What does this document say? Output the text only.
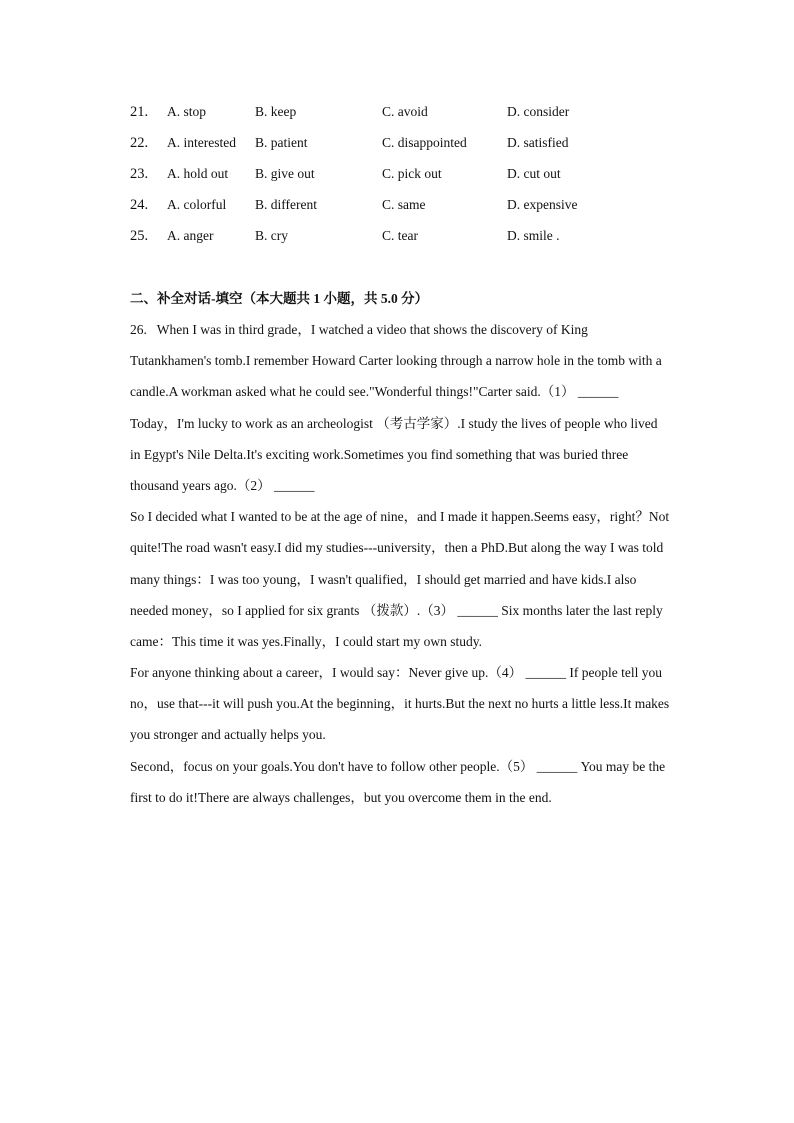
21. A. stop	B. keep	C. avoid	D. consider
22. A. interested B. patient	C. disappointed	D. satisfied
23. A. hold out B. give out	C. pick out	D. cut out
24. A. colorful B. different	C. same	D. expensive
25. A. anger	B. cry	C. tear	D. smile .
二、补全对话-填空（本大题共 1 小题，共 5.0 分）
26.   When I was in third grade，I watched a video that shows the discovery of King
Tutankhamen's tomb.I remember Howard Carter looking through a narrow hole in the tomb with a
candle.A workman asked what he could see."Wonderful things!"Carter said.（1） ______
Today，I'm lucky to work as an archeologist （考古学家）.I study the lives of people who lived
in Egypt's Nile Delta.It's exciting work.Sometimes you find something that was buried three
thousand years ago.（2） ______
So I decided what I wanted to be at the age of nine，and I made it happen.Seems easy，right？Not
quite!The road wasn't easy.I did my studies---university，then a PhD.But along the way I was told
many things：I was too young，I wasn't qualified，I should get married and have kids.I also
needed money，so I applied for six grants （拨款）.（3） ______ Six months later the last reply
came：This time it was yes.Finally，I could start my own study.
For anyone thinking about a career，I would say：Never give up.（4） ______ If people tell you
no，use that---it will push you.At the beginning，it hurts.But the next no hurts a little less.It makes
you stronger and actually helps you.
Second，focus on your goals.You don't have to follow other people.（5） ______ You may be the
first to do it!There are always challenges，but you overcome them in the end.
